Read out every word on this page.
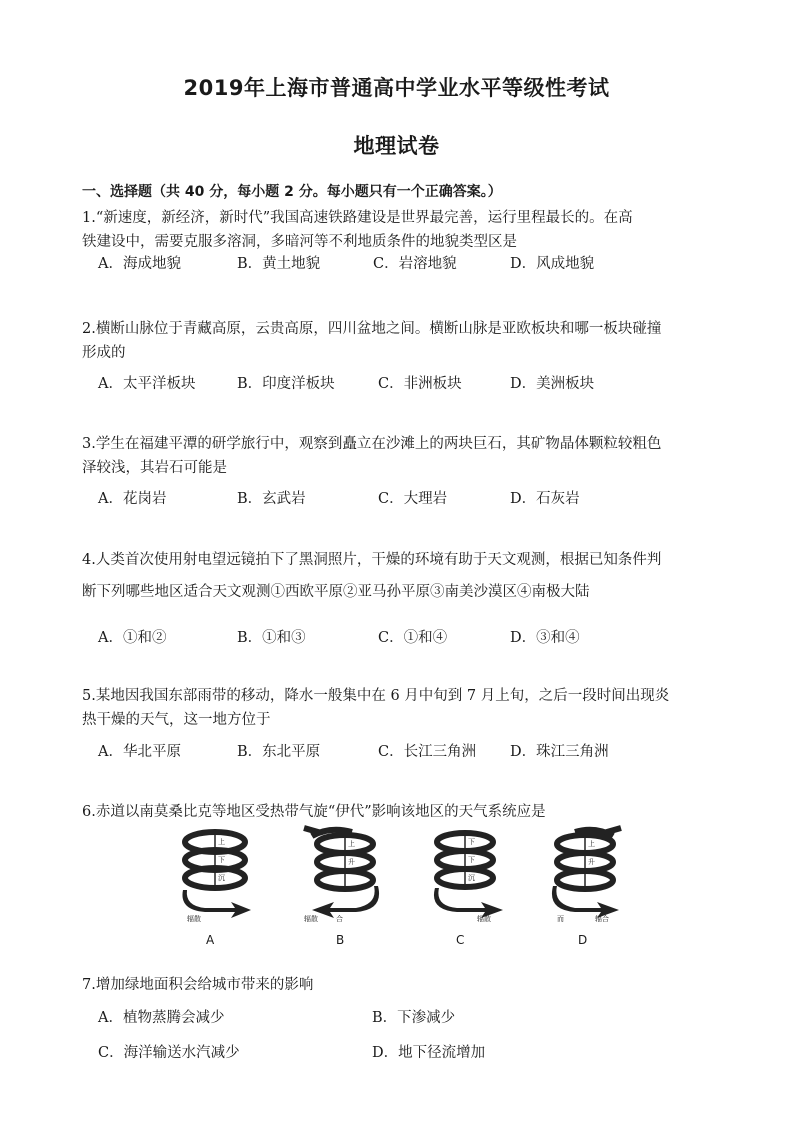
2019年上海市普通高中学业水平等级性考试
地理试卷
一、选择题（共 40 分，每小题 2 分。每小题只有一个正确答案。）
1.“新速度，新经济，新时代”我国高速铁路建设是世界最完善，运行里程最长的。在高
铁建设中，需要克服多溶洞，多暗河等不利地质条件的地貌类型区是
A．海成地貌	B．黄土地貌	C．岩溶地貌	D．风成地貌
2.横断山脉位于青藏高原，云贵高原，四川盆地之间。横断山脉是亚欧板块和哪一板块碰撞
形成的
A．太平洋板块	B．印度洋板块	C．非洲板块	D．美洲板块
3.学生在福建平潭的研学旅行中，观察到矗立在沙滩上的两块巨石，其矿物晶体颗粒较粗色
泽较浅，其岩石可能是
A．花岗岩	B．玄武岩	C．大理岩	D．石灰岩
4.人类首次使用射电望远镜拍下了黑洞照片，干燥的环境有助于天文观测，根据已知条件判
断下列哪些地区适合天文观测①西欧平原②亚马孙平原③南美沙漠区④南极大陆
A．①和②	B．①和③	C．①和④	D．③和④
5.某地因我国东部雨带的移动，降水一般集中在 6 月中旬到 7 月上旬，之后一段时间出现炎
热干燥的天气，这一地方位于
A．华北平原	B．东北平原	C．长江三角洲 D．珠江三角洲
6.赤道以南莫桑比克等地区受热带气旋“伊代”影响该地区的天气系统应是
上
下
沉
辐散
上
升
辐散	合
下
下
沉
辐散
上
升
而	辐合
A	B	C	D
7.增加绿地面积会给城市带来的影响
A．植物蒸腾会减少	B．下渗减少
C．海洋输送水汽减少	D．地下径流增加
